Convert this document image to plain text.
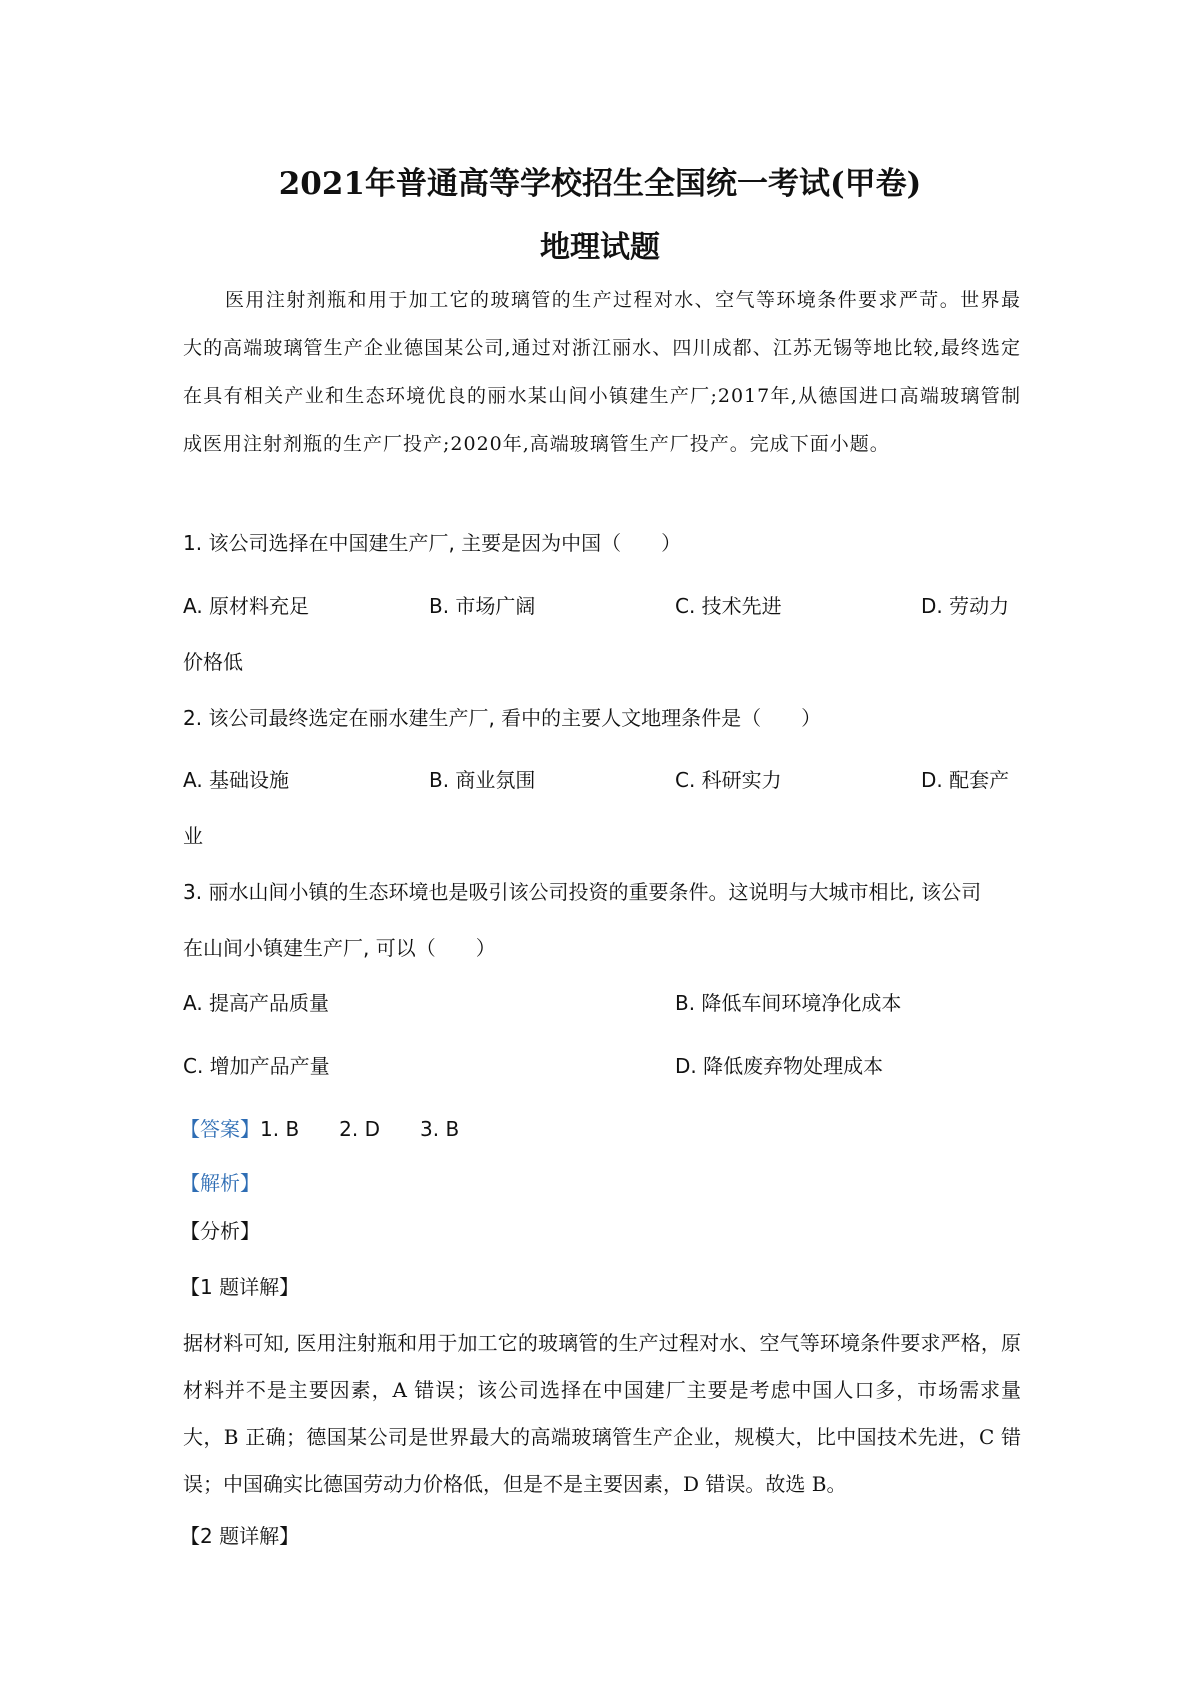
2021年普通高等学校招生全国统一考试(甲卷)
地理试题

医用注射剂瓶和用于加工它的玻璃管的生产过程对水、空气等环境条件要求严苛。世界最大的高端玻璃管生产企业德国某公司,通过对浙江丽水、四川成都、江苏无锡等地比较,最终选定在具有相关产业和生态环境优良的丽水某山间小镇建生产厂;2017年,从德国进口高端玻璃管制成医用注射剂瓶的生产厂投产;2020年,高端玻璃管生产厂投产。完成下面小题。

1. 该公司选择在中国建生产厂, 主要是因为中国（　　）
A. 原材料充足	B. 市场广阔	C. 技术先进	D. 劳动力
价格低
2. 该公司最终选定在丽水建生产厂, 看中的主要人文地理条件是（　　）
A. 基础设施	B. 商业氛围	C. 科研实力	D. 配套产
业
3. 丽水山间小镇的生态环境也是吸引该公司投资的重要条件。这说明与大城市相比, 该公司
在山间小镇建生产厂, 可以（　　）
A. 提高产品质量	B. 降低车间环境净化成本
C. 增加产品产量	D. 降低废弃物处理成本
【答案】1. B 2. D 3. B
【解析】
【分析】
【1 题详解】

据材料可知, 医用注射瓶和用于加工它的玻璃管的生产过程对水、空气等环境条件要求严格，原材料并不是主要因素，A 错误；该公司选择在中国建厂主要是考虑中国人口多，市场需求量大，B 正确；德国某公司是世界最大的高端玻璃管生产企业，规模大，比中国技术先进，C 错误；中国确实比德国劳动力价格低，但是不是主要因素，D 错误。故选 B。

【2 题详解】
